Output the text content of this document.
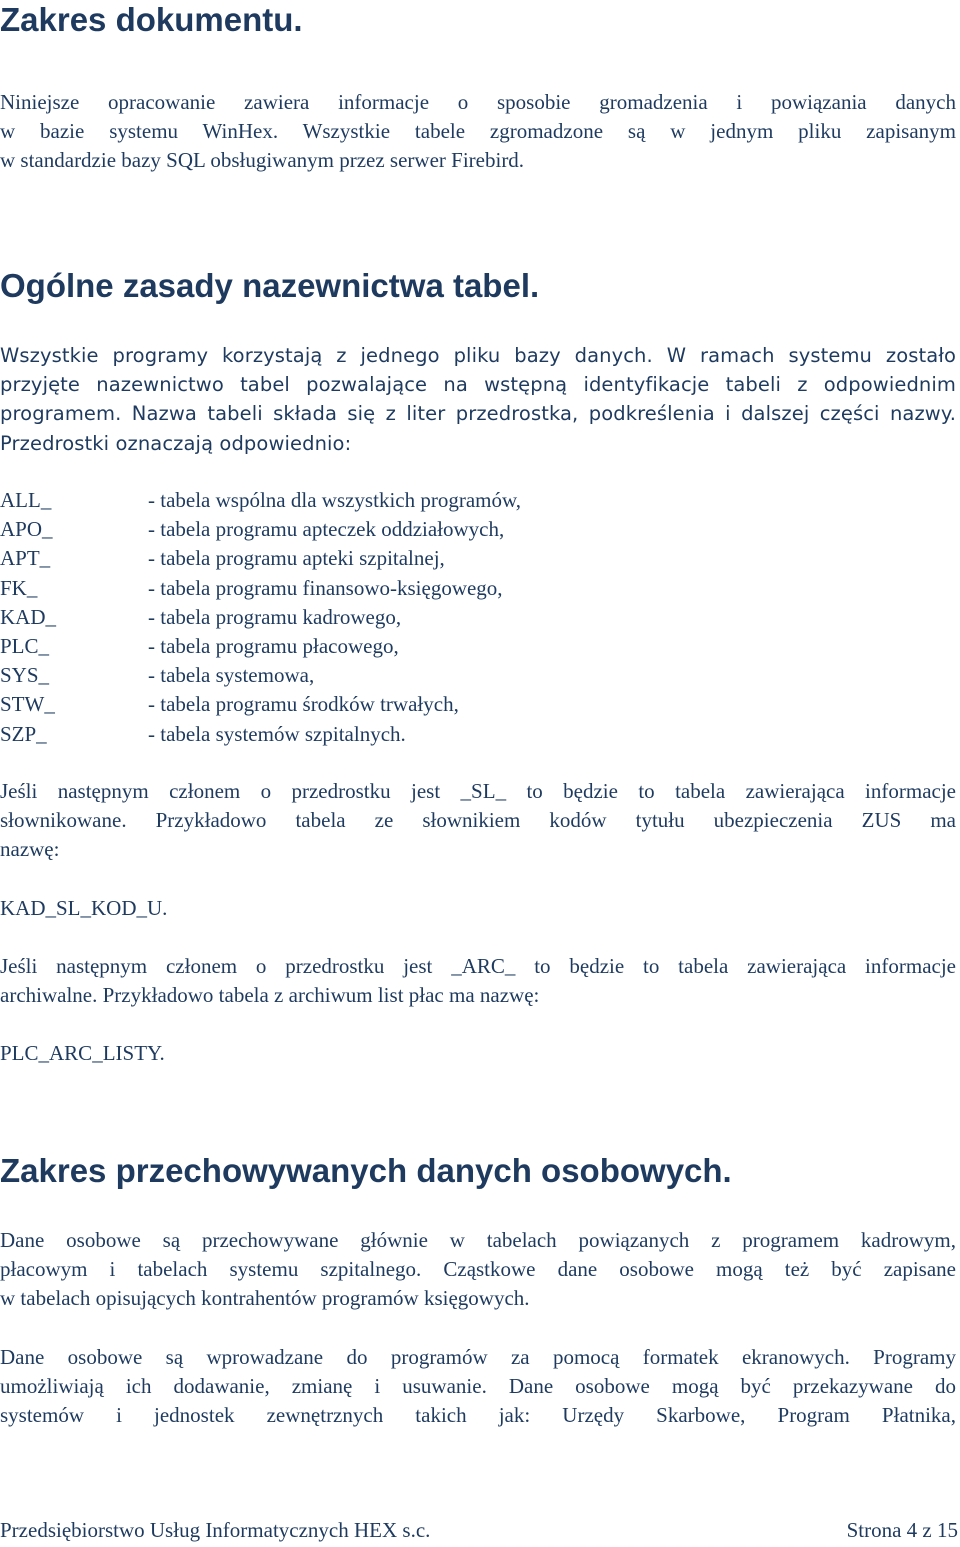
Zakres dokumentu.
Niniejsze opracowanie zawiera informacje o sposobie gromadzenia i powiązania danych
w bazie systemu WinHex. Wszystkie tabele zgromadzone są w jednym pliku zapisanym
w standardzie bazy SQL obsługiwanym przez serwer Firebird.
Ogólne zasady nazewnictwa tabel.
Wszystkie programy korzystają z jednego pliku bazy danych. W ramach systemu zostało
przyjęte nazewnictwo tabel pozwalające na wstępną identyfikacje tabeli z odpowiednim
programem. Nazwa tabeli składa się z liter przedrostka, podkreślenia i dalszej części nazwy.
Przedrostki oznaczają odpowiednio:
ALL_	- tabela wspólna dla wszystkich programów,
APO_	- tabela programu apteczek oddziałowych,
APT_	- tabela programu apteki szpitalnej,
FK_	- tabela programu finansowo-księgowego,
KAD_	- tabela programu kadrowego,
PLC_	- tabela programu płacowego,
SYS_	- tabela systemowa,
STW_	- tabela programu środków trwałych,
SZP_	- tabela systemów szpitalnych.
Jeśli następnym członem o przedrostku jest _SL_ to będzie to tabela zawierająca informacje
słownikowane. Przykładowo tabela ze słownikiem kodów tytułu ubezpieczenia ZUS ma
nazwę:

KAD_SL_KOD_U.

Jeśli następnym członem o przedrostku jest _ARC_ to będzie to tabela zawierająca informacje
archiwalne. Przykładowo tabela z archiwum list płac ma nazwę:

PLC_ARC_LISTY.

Zakres przechowywanych danych osobowych.
Dane osobowe są przechowywane głównie w tabelach powiązanych z programem kadrowym,
płacowym i tabelach systemu szpitalnego. Cząstkowe dane osobowe mogą też być zapisane
w tabelach opisujących kontrahentów programów księgowych.
Dane osobowe są wprowadzane do programów za pomocą formatek ekranowych. Programy
umożliwiają ich dodawanie, zmianę i usuwanie. Dane osobowe mogą być przekazywane do
systemów i jednostek zewnętrznych takich jak: Urzędy Skarbowe, Program Płatnika,
Przedsiębiorstwo Usług Informatycznych HEX s.c.	Strona 4 z 15
